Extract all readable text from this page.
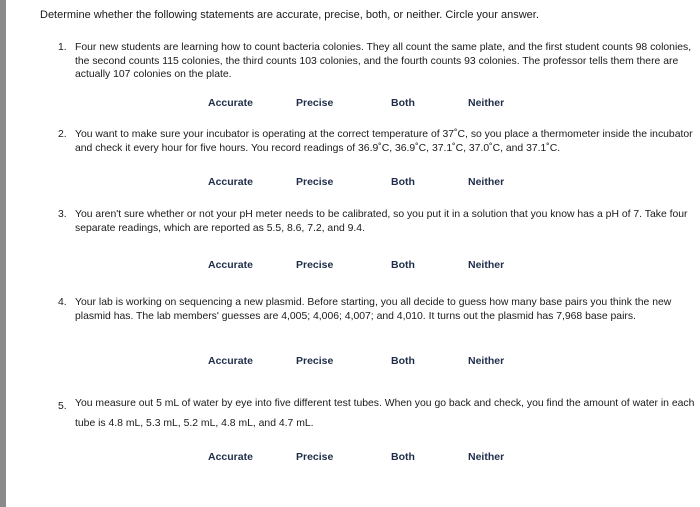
Determine whether the following statements are accurate, precise, both, or neither. Circle your answer.
1. Four new students are learning how to count bacteria colonies. They all count the same plate, and the first student counts 98 colonies, the second counts 115 colonies, the third counts 103 colonies, and the fourth counts 93 colonies. The professor tells them there are actually 107 colonies on the plate.
Accurate	Precise	Both	Neither
2. You want to make sure your incubator is operating at the correct temperature of 37˚C, so you place a thermometer inside the incubator and check it every hour for five hours. You record readings of 36.9˚C, 36.9˚C, 37.1˚C, 37.0˚C, and 37.1˚C.
Accurate	Precise	Both	Neither
3. You aren't sure whether or not your pH meter needs to be calibrated, so you put it in a solution that you know has a pH of 7. Take four separate readings, which are reported as 5.5, 8.6, 7.2, and 9.4.
Accurate	Precise	Both	Neither
4. Your lab is working on sequencing a new plasmid. Before starting, you all decide to guess how many base pairs you think the new plasmid has. The lab members' guesses are 4,005; 4,006; 4,007; and 4,010. It turns out the plasmid has 7,968 base pairs.
Accurate	Precise	Both	Neither
5. You measure out 5 mL of water by eye into five different test tubes. When you go back and check, you find the amount of water in each tube is 4.8 mL, 5.3 mL, 5.2 mL, 4.8 mL, and 4.7 mL.
Accurate	Precise	Both	Neither
